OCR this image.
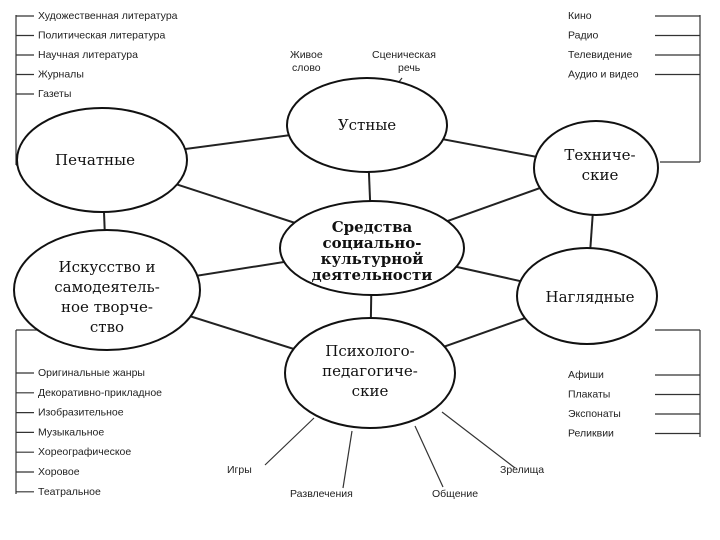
Живое
слово
Сценическая
речь
Игры
Развлечения	Общение
Зрелища
Художественная литература
Политическая литература
Научная литература
Журналы
Газеты
Кино
Радио
Телевидение
Аудио и видео
Оригинальные жанры
Декоративно-прикладное
Изобразительное
Музыкальное
Хореографическое
Хоровое
Театральное
Афиши
Плакаты
Экспонаты
Реликвии
Устные
Печатные	Техниче-
ские
Средства
социально-
культурной
деятельности
Искусство и
самодеятель-
ное творче-
ство
Наглядные
Психолого-
педагогиче-
ские
